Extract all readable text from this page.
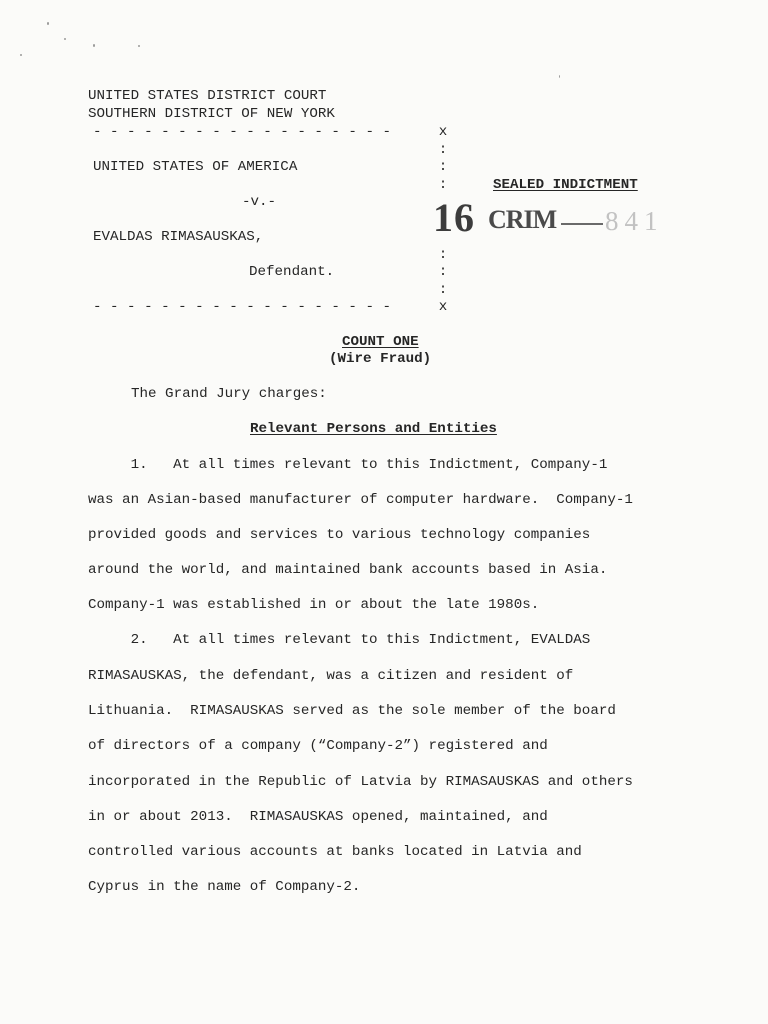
UNITED STATES DISTRICT COURT
SOUTHERN DISTRICT OF NEW YORK
- - - - - - - - - - - - - - - - - -	x
:
UNITED STATES OF AMERICA	:
:	SEALED INDICTMENT
-v.-	16 CRIM 841
EVALDAS RIMASAUSKAS,
:
Defendant.	:
:
- - - - - - - - - - - - - - - - - -	x
COUNT ONE
(Wire Fraud)
The Grand Jury charges:
Relevant Persons and Entities
1.   At all times relevant to this Indictment, Company-1
was an Asian-based manufacturer of computer hardware.  Company-1
provided goods and services to various technology companies
around the world, and maintained bank accounts based in Asia.
Company-1 was established in or about the late 1980s.
2.   At all times relevant to this Indictment, EVALDAS
RIMASAUSKAS, the defendant, was a citizen and resident of
Lithuania.  RIMASAUSKAS served as the sole member of the board
of directors of a company (“Company-2”) registered and
incorporated in the Republic of Latvia by RIMASAUSKAS and others
in or about 2013.  RIMASAUSKAS opened, maintained, and
controlled various accounts at banks located in Latvia and
Cyprus in the name of Company-2.
